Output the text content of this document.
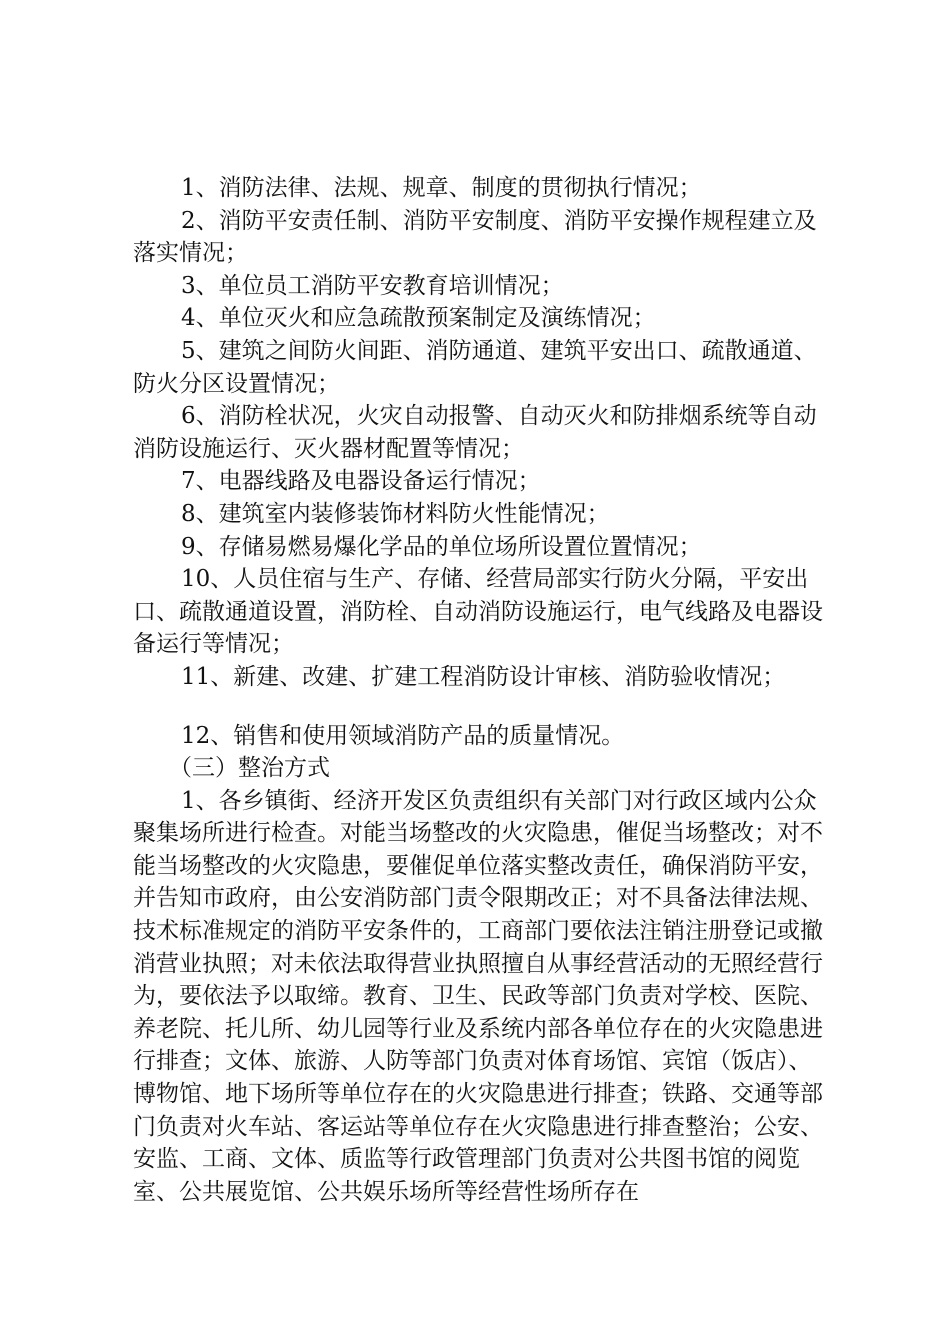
1、消防法律、法规、规章、制度的贯彻执行情况；

2、消防平安责任制、消防平安制度、消防平安操作规程建立及落实情况；

3、单位员工消防平安教育培训情况；

4、单位灭火和应急疏散预案制定及演练情况；

5、建筑之间防火间距、消防通道、建筑平安出口、疏散通道、防火分区设置情况；

6、消防栓状况，火灾自动报警、自动灭火和防排烟系统等自动消防设施运行、灭火器材配置等情况；

7、电器线路及电器设备运行情况；

8、建筑室内装修装饰材料防火性能情况；

9、存储易燃易爆化学品的单位场所设置位置情况；

10、人员住宿与生产、存储、经营局部实行防火分隔，平安出口、疏散通道设置，消防栓、自动消防设施运行，电气线路及电器设备运行等情况；

11、新建、改建、扩建工程消防设计审核、消防验收情况；

12、销售和使用领域消防产品的质量情况。

（三）整治方式

1、各乡镇街、经济开发区负责组织有关部门对行政区域内公众聚集场所进行检查。对能当场整改的火灾隐患，催促当场整改；对不能当场整改的火灾隐患，要催促单位落实整改责任，确保消防平安，并告知市政府，由公安消防部门责令限期改正；对不具备法律法规、技术标准规定的消防平安条件的，工商部门要依法注销注册登记或撤消营业执照；对未依法取得营业执照擅自从事经营活动的无照经营行为，要依法予以取缔。教育、卫生、民政等部门负责对学校、医院、养老院、托儿所、幼儿园等行业及系统内部各单位存在的火灾隐患进行排查；文体、旅游、人防等部门负责对体育场馆、宾馆（饭店）、博物馆、地下场所等单位存在的火灾隐患进行排查；铁路、交通等部门负责对火车站、客运站等单位存在火灾隐患进行排查整治；公安、安监、工商、文体、质监等行政管理部门负责对公共图书馆的阅览室、公共展览馆、公共娱乐场所等经营性场所存在
